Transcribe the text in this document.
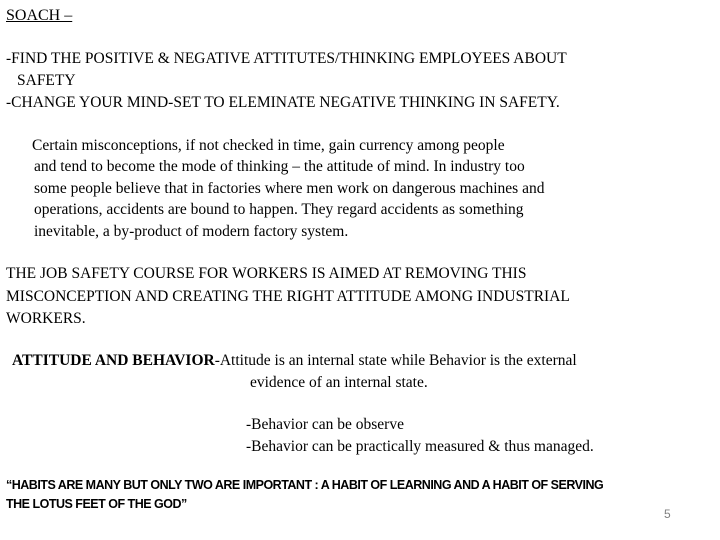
SOACH –
-FIND THE POSITIVE & NEGATIVE ATTITUTES/THINKING EMPLOYEES ABOUT
SAFETY
-CHANGE YOUR MIND-SET TO ELEMINATE NEGATIVE THINKING IN SAFETY.
Certain misconceptions, if not checked in time, gain currency among people
and tend to become the mode of thinking – the attitude of mind. In industry too
some people believe that in factories where men work on dangerous machines and
operations, accidents are bound to happen. They regard accidents as something
inevitable, a by-product of modern factory system.
THE JOB SAFETY COURSE FOR WORKERS IS AIMED AT REMOVING THIS
MISCONCEPTION AND CREATING THE RIGHT ATTITUDE AMONG INDUSTRIAL
WORKERS.
ATTITUDE AND BEHAVIOR-Attitude is an internal state while Behavior is the external
evidence of an internal state.
-Behavior can be observe
-Behavior can be practically measured & thus managed.
“HABITS ARE MANY BUT ONLY TWO ARE IMPORTANT : A HABIT OF LEARNING AND A HABIT OF SERVING
THE LOTUS FEET OF THE GOD”
5
